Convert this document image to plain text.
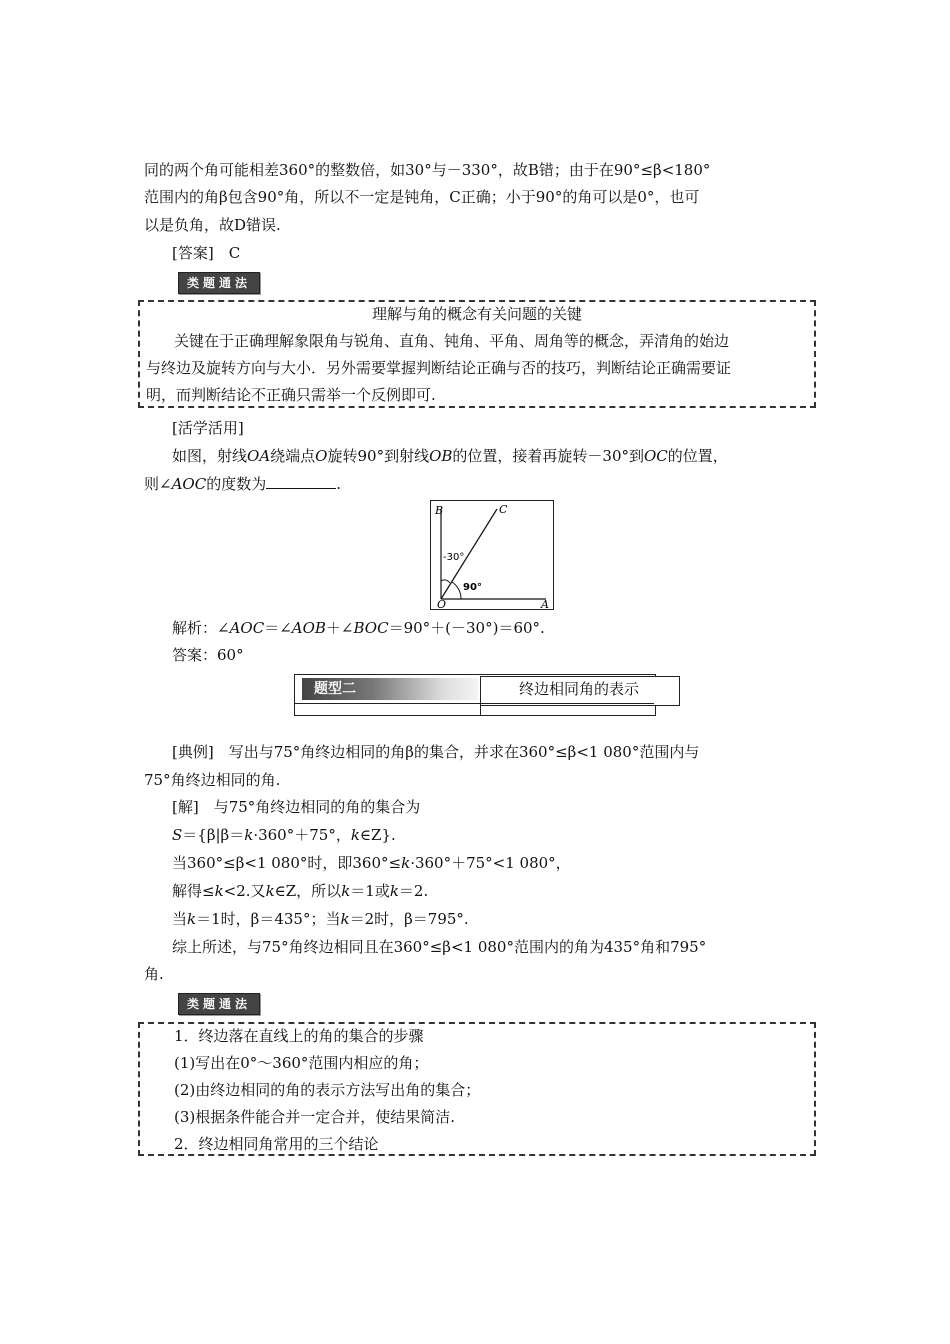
同的两个角可能相差360°的整数倍，如30°与－330°，故B错；由于在90°≤β<180°
范围内的角β包含90°角，所以不一定是钝角，C正确；小于90°的角可以是0°，也可
以是负角，故D错误.
[答案]　C
类题通法
理解与角的概念有关问题的关键
关键在于正确理解象限角与锐角、直角、钝角、平角、周角等的概念，弄清角的始边
与终边及旋转方向与大小．另外需要掌握判断结论正确与否的技巧，判断结论正确需要证
明，而判断结论不正确只需举一个反例即可.
[活学活用]
如图，射线OA绕端点O旋转90°到射线OB的位置，接着再旋转－30°到OC的位置，
则∠AOC的度数为	.
B	C
O	A
-30°
90°
解析：∠AOC＝∠AOB＋∠BOC＝90°＋(－30°)＝60°.
答案：60°
题型二	终边相同角的表示
[典例]　写出与75°角终边相同的角β的集合，并求在360°≤β<1 080°范围内与
75°角终边相同的角.
[解]　与75°角终边相同的角的集合为
S＝{β|β＝k·360°＋75°，k∈Z}.
当360°≤β<1 080°时，即360°≤k·360°＋75°<1 080°，
解得≤k<2.又k∈Z，所以k＝1或k＝2.
当k＝1时，β＝435°；当k＝2时，β＝795°.
综上所述，与75°角终边相同且在360°≤β<1 080°范围内的角为435°角和795°
角.
类题通法
1．终边落在直线上的角的集合的步骤
(1)写出在0°～360°范围内相应的角；
(2)由终边相同的角的表示方法写出角的集合；
(3)根据条件能合并一定合并，使结果简洁.
2．终边相同角常用的三个结论
